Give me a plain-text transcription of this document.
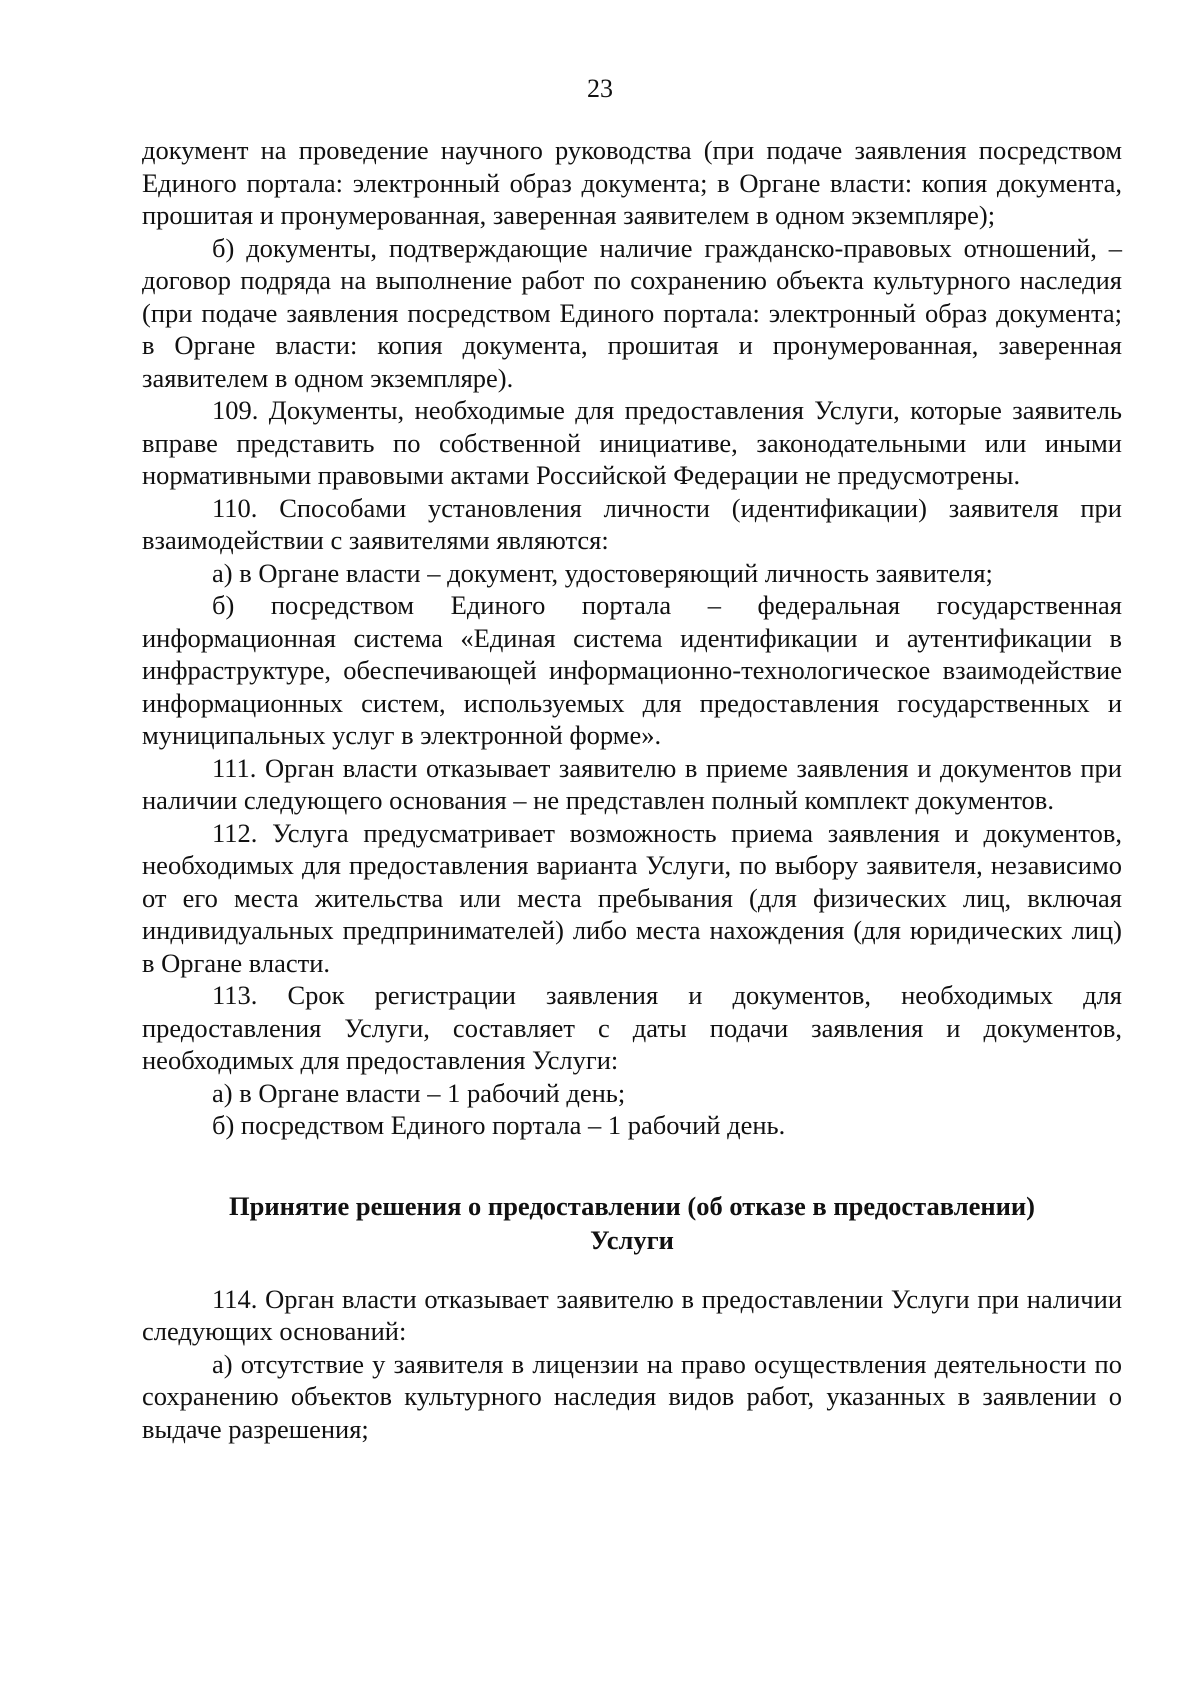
23

документ на проведение научного руководства (при подаче заявления посредством Единого портала: электронный образ документа; в Органе власти: копия документа, прошитая и пронумерованная, заверенная заявителем в одном экземпляре);

б) документы, подтверждающие наличие гражданско-правовых отношений, – договор подряда на выполнение работ по сохранению объекта культурного наследия (при подаче заявления посредством Единого портала: электронный образ документа; в Органе власти: копия документа, прошитая и пронумерованная, заверенная заявителем в одном экземпляре).

109. Документы, необходимые для предоставления Услуги, которые заявитель вправе представить по собственной инициативе, законодательными или иными нормативными правовыми актами Российской Федерации не предусмотрены.

110. Способами установления личности (идентификации) заявителя при взаимодействии с заявителями являются:

а) в Органе власти – документ, удостоверяющий личность заявителя;

б) посредством Единого портала – федеральная государственная информационная система «Единая система идентификации и аутентификации в инфраструктуре, обеспечивающей информационно-технологическое взаимодействие информационных систем, используемых для предоставления государственных и муниципальных услуг в электронной форме».

111. Орган власти отказывает заявителю в приеме заявления и документов при наличии следующего основания – не представлен полный комплект документов.

112. Услуга предусматривает возможность приема заявления и документов, необходимых для предоставления варианта Услуги, по выбору заявителя, независимо от его места жительства или места пребывания (для физических лиц, включая индивидуальных предпринимателей) либо места нахождения (для юридических лиц) в Органе власти.

113. Срок регистрации заявления и документов, необходимых для предоставления Услуги, составляет с даты подачи заявления и документов, необходимых для предоставления Услуги:

а) в Органе власти – 1 рабочий день;

б) посредством Единого портала – 1 рабочий день.

Принятие решения о предоставлении (об отказе в предоставлении)
Услуги

114. Орган власти отказывает заявителю в предоставлении Услуги при наличии следующих оснований:

а) отсутствие у заявителя в лицензии на право осуществления деятельности по сохранению объектов культурного наследия видов работ, указанных в заявлении о выдаче разрешения;
